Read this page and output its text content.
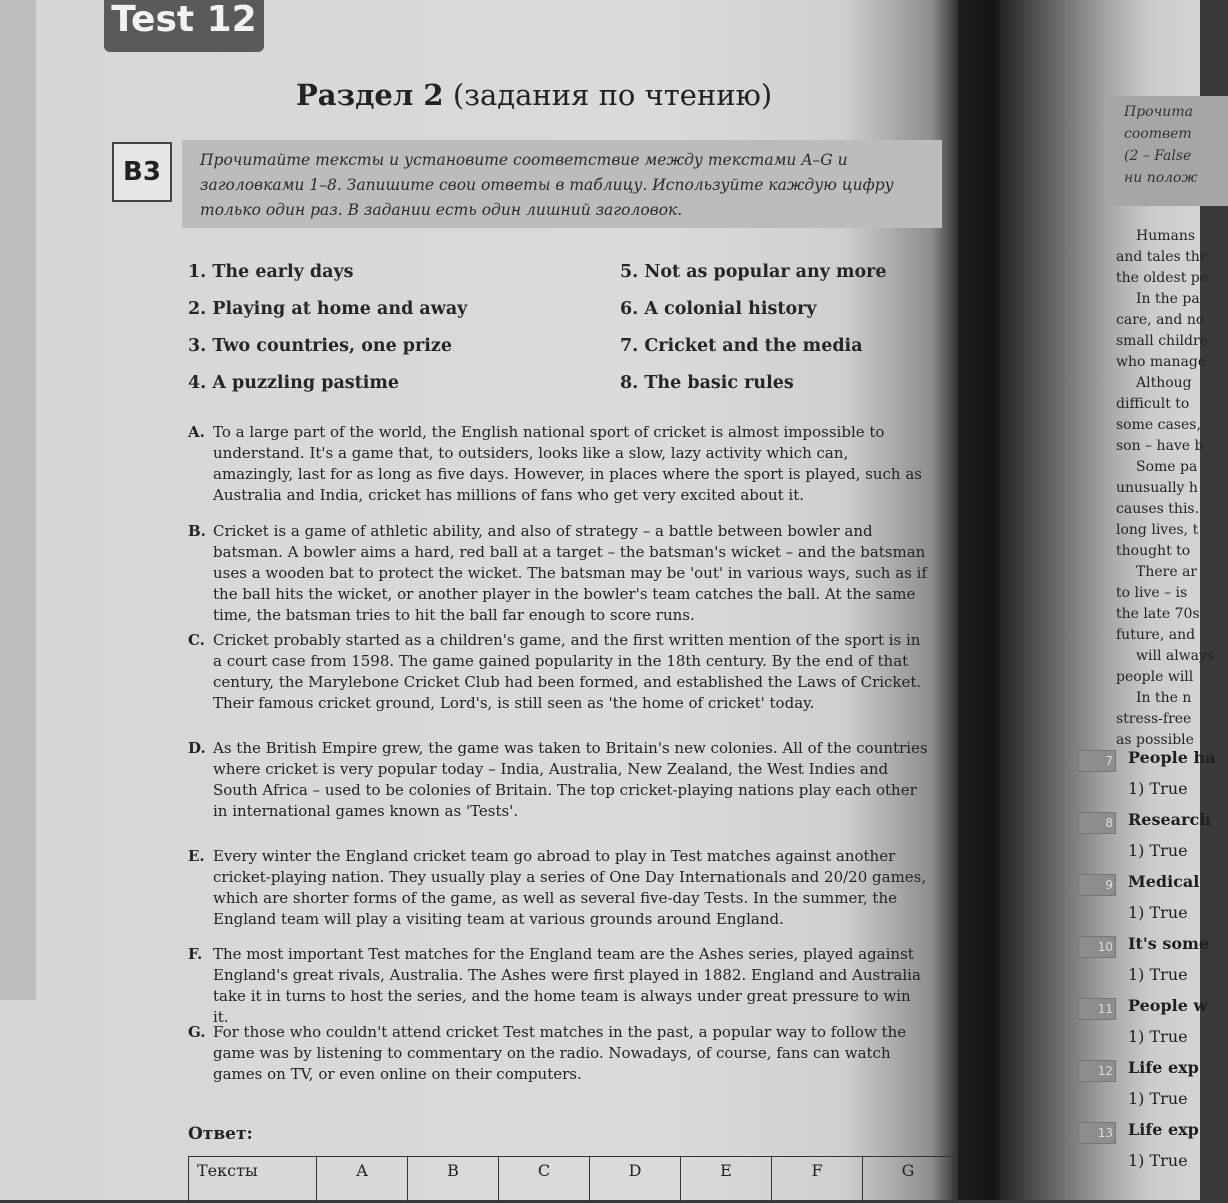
Test 12
Раздел 2 (задания по чтению)
B3	Прочитайте тексты и установите соответствие между текстами A–G и заголовками 1–8. Запишите свои ответы в таблицу. Используйте каждую цифру только один раз. В задании есть один лишний заголовок.
1. The early days
2. Playing at home and away
3. Two countries, one prize
4. A puzzling pastime
5. Not as popular any more
6. A colonial history
7. Cricket and the media
8. The basic rules
A. To a large part of the world, the English national sport of cricket is almost impossible to understand. It's a game that, to outsiders, looks like a slow, lazy activity which can, amazingly, last for as long as five days. However, in places where the sport is played, such as Australia and India, cricket has millions of fans who get very excited about it.
B. Cricket is a game of athletic ability, and also of strategy – a battle between bowler and batsman. A bowler aims a hard, red ball at a target – the batsman's wicket – and the batsman uses a wooden bat to protect the wicket. The batsman may be 'out' in various ways, such as if the ball hits the wicket, or another player in the bowler's team catches the ball. At the same time, the batsman tries to hit the ball far enough to score runs.
C. Cricket probably started as a children's game, and the first written mention of the sport is in a court case from 1598. The game gained popularity in the 18th century. By the end of that century, the Marylebone Cricket Club had been formed, and established the Laws of Cricket. Their famous cricket ground, Lord's, is still seen as 'the home of cricket' today.
D. As the British Empire grew, the game was taken to Britain's new colonies. All of the countries where cricket is very popular today – India, Australia, New Zealand, the West Indies and South Africa – used to be colonies of Britain. The top cricket-playing nations play each other in international games known as 'Tests'.
E. Every winter the England cricket team go abroad to play in Test matches against another cricket-playing nation. They usually play a series of One Day Internationals and 20/20 games, which are shorter forms of the game, as well as several five-day Tests. In the summer, the England team will play a visiting team at various grounds around England.
F. The most important Test matches for the England team are the Ashes series, played against England's great rivals, Australia. The Ashes were first played in 1882. England and Australia take it in turns to host the series, and the home team is always under great pressure to win it.
G. For those who couldn't attend cricket Test matches in the past, a popular way to follow the game was by listening to commentary on the radio. Nowadays, of course, fans can watch games on TV, or even online on their computers.
Ответ:
Тексты	A	B	C	D	E	F	G
Прочита
соответ
(2 – False
ни полож
Humans
and tales thr
the oldest pe
In the pa
care, and no
small childre
who manage
Althoug
difficult to
some cases,
son – have b
Some pa
unusually h
causes this.
long lives, t
thought to
There ar
to live – is
the late 70s
future, and
will always
people will
In the n
stress-free
as possible
7 People ha
1) True
8 Research
1) True
9 Medical
1) True
10 It's some
1) True
11 People w
1) True
12 Life exp
1) True
13 Life exp
1) True
